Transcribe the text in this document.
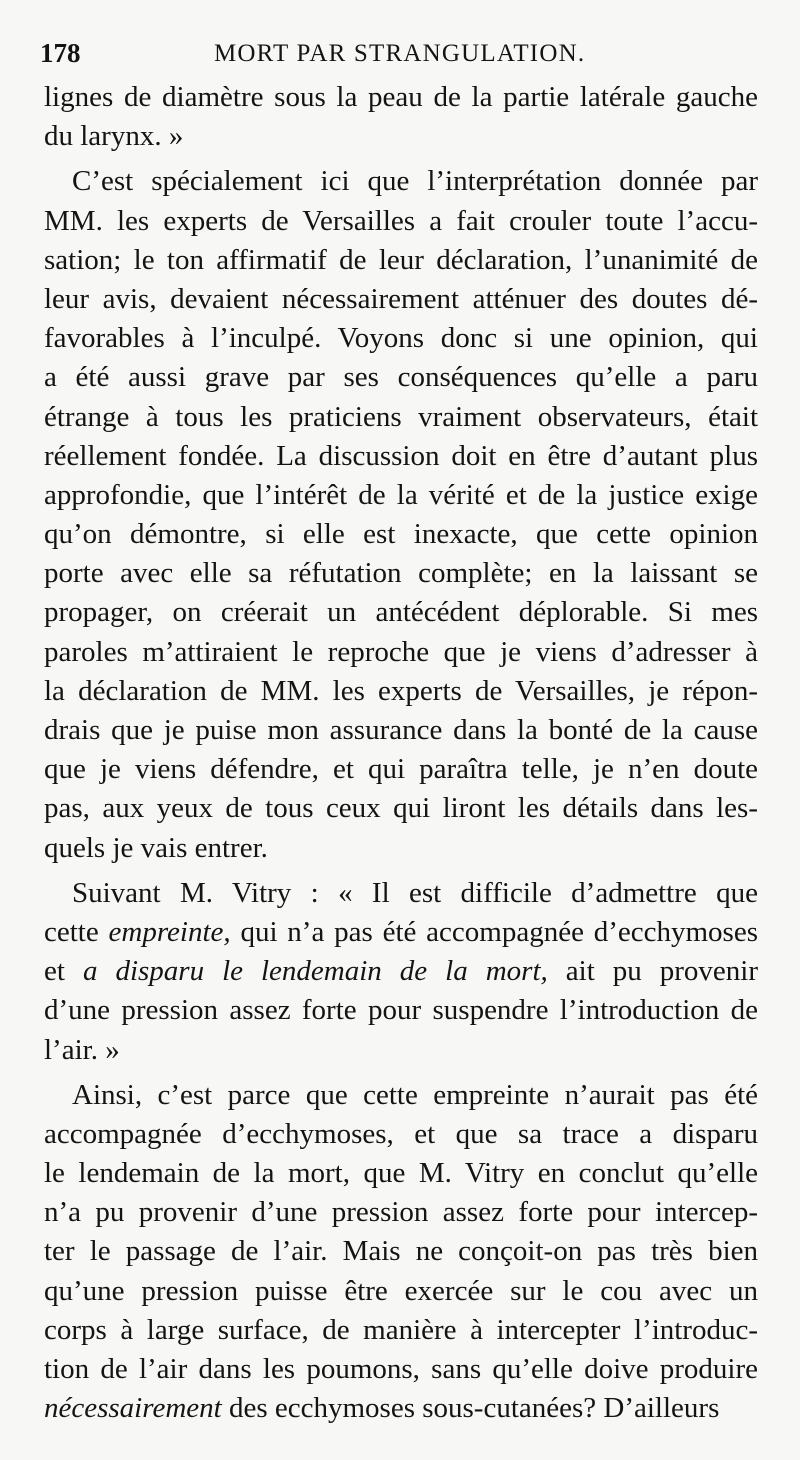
178	MORT PAR STRANGULATION.
lignes de diamètre sous la peau de la partie latérale gauche
du larynx. »
C’est spécialement ici que l’interprétation donnée par
MM. les experts de Versailles a fait crouler toute l’accu-
sation; le ton affirmatif de leur déclaration, l’unanimité de
leur avis, devaient nécessairement atténuer des doutes dé-
favorables à l’inculpé. Voyons donc si une opinion, qui
a été aussi grave par ses conséquences qu’elle a paru
étrange à tous les praticiens vraiment observateurs, était
réellement fondée. La discussion doit en être d’autant plus
approfondie, que l’intérêt de la vérité et de la justice exige
qu’on démontre, si elle est inexacte, que cette opinion
porte avec elle sa réfutation complète; en la laissant se
propager, on créerait un antécédent déplorable. Si mes
paroles m’attiraient le reproche que je viens d’adresser à
la déclaration de MM. les experts de Versailles, je répon-
drais que je puise mon assurance dans la bonté de la cause
que je viens défendre, et qui paraîtra telle, je n’en doute
pas, aux yeux de tous ceux qui liront les détails dans les-
quels je vais entrer.
Suivant M. Vitry : « Il est difficile d’admettre que
cette empreinte, qui n’a pas été accompagnée d’ecchymoses
et a disparu le lendemain de la mort, ait pu provenir
d’une pression assez forte pour suspendre l’introduction de
l’air. »
Ainsi, c’est parce que cette empreinte n’aurait pas été
accompagnée d’ecchymoses, et que sa trace a disparu
le lendemain de la mort, que M. Vitry en conclut qu’elle
n’a pu provenir d’une pression assez forte pour intercep-
ter le passage de l’air. Mais ne conçoit-on pas très bien
qu’une pression puisse être exercée sur le cou avec un
corps à large surface, de manière à intercepter l’introduc-
tion de l’air dans les poumons, sans qu’elle doive produire
nécessairement des ecchymoses sous-cutanées? D’ailleurs
